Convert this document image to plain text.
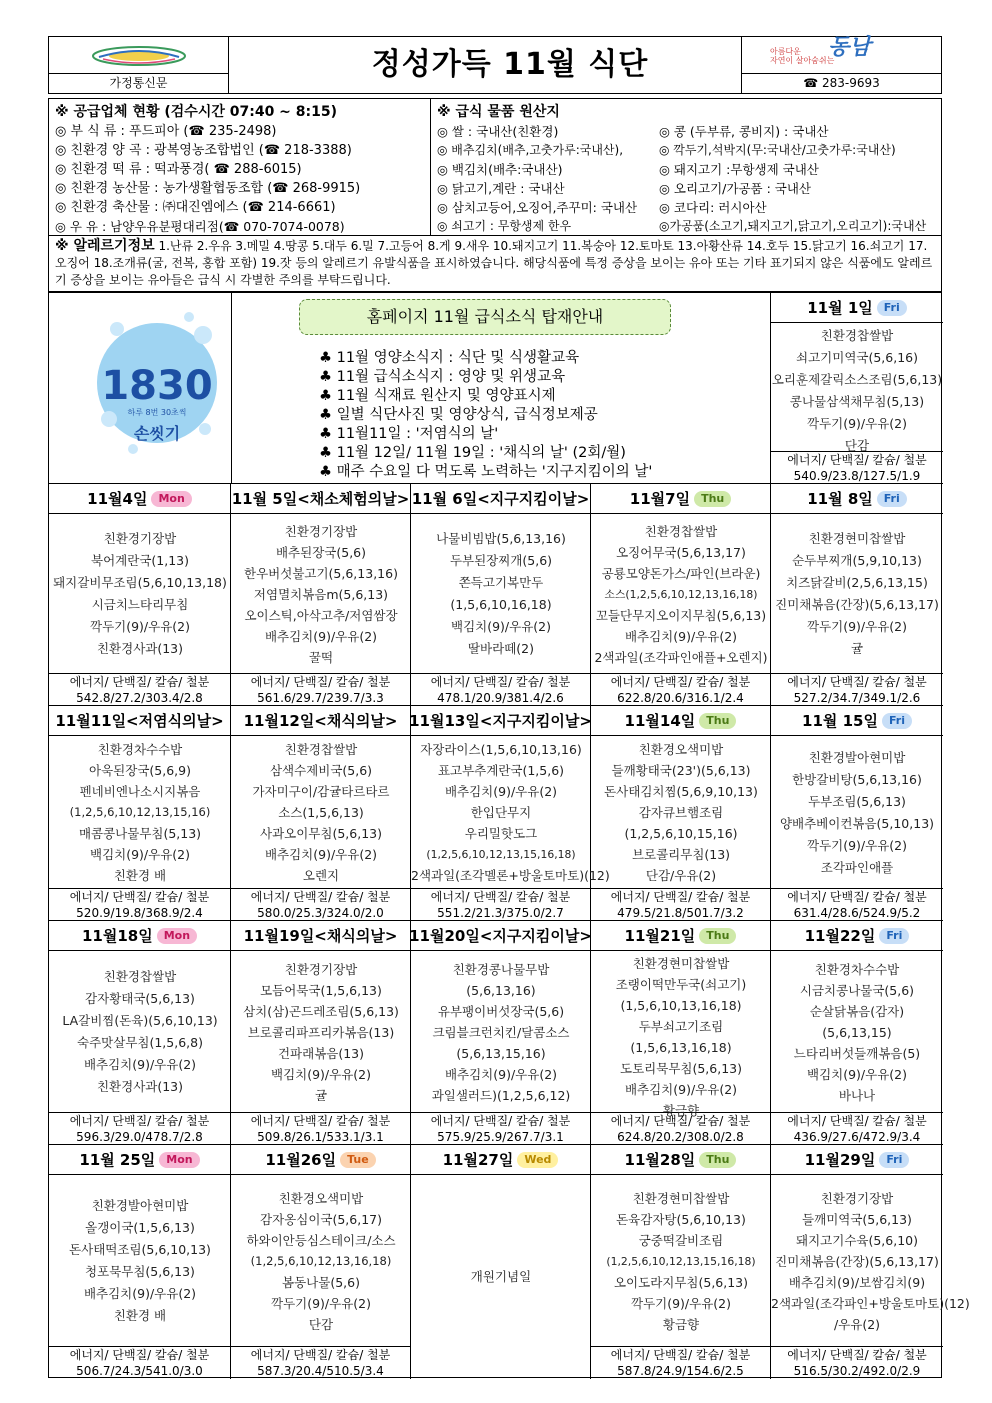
가정통신문
정성가득 11월 식단	아름다운
자연이 살아숨쉬는
동남
☎ 283-9693
※ 공급업체 현황 (검수시간 07:40 ~ 8:15)
◎ 부 식 류 : 푸드피아 (☎ 235-2498)
◎ 친환경 양 곡 : 광복영농조합법인 (☎ 218-3388)
◎ 친환경 떡 류 : 떡과풍경( ☎ 288-6015)
◎ 친환경 농산물 : 농가생활협동조합 (☎ 268-9915)
◎ 친환경 축산물 : ㈜대진엠에스 (☎ 214-6661)
◎ 우 유 : 남양우유분평대리점(☎ 070-7074-0078)
※ 급식 물품 원산지
◎ 쌀 : 국내산(친환경)	◎ 콩 (두부류, 콩비지) : 국내산
◎ 배추김치(배추,고춧가루:국내산),	◎ 깍두기,석박지(무:국내산/고춧가루:국내산)
◎ 백김치(배추:국내산)	◎ 돼지고기 :무항생제 국내산
◎ 닭고기,계란 : 국내산	◎ 오리고기/가공품 : 국내산
◎ 삼치고등어,오징어,주꾸미: 국내산	◎ 코다리: 러시아산
◎ 쇠고기 : 무항생제 한우	◎가공품(소고기,돼지고기,닭고기,오리고기):국내산
※ 알레르기정보 1.난류 2.우유 3.메밀 4.땅콩 5.대두 6.밀 7.고등어 8.게 9.새우 10.돼지고기 11.복숭아 12.토마토 13.아황산류 14.호두 15.닭고기 16.쇠고기 17.오징어 18.조개류(굴, 전복, 홍합 포함) 19.잣 등의 알레르기 유발식품을 표시하였습니다. 해당식품에 특정 증상을 보이는 유아 또는 기타 표기되지 않은 식품에도 알레르기 증상을 보이는 유아들은 급식 시 각별한 주의를 부탁드립니다.
1830
하루 8번 30초씩
손씻기
홈페이지 11월 급식소식 탑재안내
♣ 11월 영양소식지 : 식단 및 식생활교육
♣ 11월 급식소식지 : 영양 및 위생교육
♣ 11월 식재료 원산지 및 영양표시제
♣ 일별 식단사진 및 영양상식, 급식정보제공
♣ 11월11일 : '저염식의 날'
♣ 11월 12일/ 11월 19일 : '채식의 날' (2회/월)
♣ 매주 수요일 다 먹도록 노력하는 '지구지킴이의 날'
11월 1일	Fri
친환경찹쌀밥
쇠고기미역국(5,6,16)
오리훈제갈릭소스조림(5,6,13)
콩나물삼색채무침(5,13)
깍두기(9)/우유(2)
단감
에너지/ 단백질/ 칼슘/ 철분
540.9/23.8/127.5/1.9
11월4일	Mon
친환경기장밥
북어계란국(1,13)
돼지갈비무조림(5,6,10,13,18)
시금치느타리무침
깍두기(9)/우유(2)
친환경사과(13)
에너지/ 단백질/ 칼슘/ 철분
542.8/27.2/303.4/2.8
11월 5일<채소체험의날>
친환경기장밥
배추된장국(5,6)
한우버섯불고기(5,6,13,16)
저염멸치볶음m(5,6,13)
오이스틱,아삭고추/저염쌈장
배추김치(9)/우유(2)
꿀떡
에너지/ 단백질/ 칼슘/ 철분
561.6/29.7/239.7/3.3
11월 6일<지구지킴이날>
나물비빔밥(5,6,13,16)
두부된장찌개(5,6)
쫀득고기복만두
(1,5,6,10,16,18)
백김치(9)/우유(2)
딸바라떼(2)
에너지/ 단백질/ 칼슘/ 철분
478.1/20.9/381.4/2.6
11월7일	Thu
친환경찹쌀밥
오징어무국(5,6,13,17)
공룡모양돈가스/파인(브라운)
소스(1,2,5,6,10,12,13,16,18)
꼬들단무지오이지무침(5,6,13)
배추김치(9)/우유(2)
2색과일(조각파인애플+오렌지)
에너지/ 단백질/ 칼슘/ 철분
622.8/20.6/316.1/2.4
11월 8일	Fri
친환경현미찹쌀밥
순두부찌개(5,9,10,13)
치즈닭갈비(2,5,6,13,15)
진미채볶음(간장)(5,6,13,17)
깍두기(9)/우유(2)
귤
에너지/ 단백질/ 칼슘/ 철분
527.2/34.7/349.1/2.6
11월11일<저염식의날>
친환경차수수밥
아욱된장국(5,6,9)
펜네비엔나소시지볶음
(1,2,5,6,10,12,13,15,16)
매콤콩나물무침(5,13)
백김치(9)/우유(2)
친환경 배
에너지/ 단백질/ 칼슘/ 철분
520.9/19.8/368.9/2.4
11월12일<채식의날>
친환경찹쌀밥
삼색수제비국(5,6)
가자미구이/감귤타르타르
소스(1,5,6,13)
사과오이무침(5,6,13)
배추김치(9)/우유(2)
오렌지
에너지/ 단백질/ 칼슘/ 철분
580.0/25.3/324.0/2.0
11월13일<지구지킴이날>
자장라이스(1,5,6,10,13,16)
표고부추계란국(1,5,6)
배추김치(9)/우유(2)
한입단무지
우리밀핫도그
(1,2,5,6,10,12,13,15,16,18)
2색과일(조각멜론+방울토마토)(12)
에너지/ 단백질/ 칼슘/ 철분
551.2/21.3/375.0/2.7
11월14일	Thu
친환경오색미밥
들깨황태국(23')(5,6,13)
돈사태김치찜(5,6,9,10,13)
감자큐브햄조림
(1,2,5,6,10,15,16)
브로콜리무침(13)
단감/우유(2)
에너지/ 단백질/ 칼슘/ 철분
479.5/21.8/501.7/3.2
11월 15일	Fri
친환경발아현미밥
한방갈비탕(5,6,13,16)
두부조림(5,6,13)
양배추베이컨볶음(5,10,13)
깍두기(9)/우유(2)
조각파인애플
에너지/ 단백질/ 칼슘/ 철분
631.4/28.6/524.9/5.2
11월18일	Mon
친환경찹쌀밥
감자황태국(5,6,13)
LA갈비찜(돈육)(5,6,10,13)
숙주맛살무침(1,5,6,8)
배추김치(9)/우유(2)
친환경사과(13)
에너지/ 단백질/ 칼슘/ 철분
596.3/29.0/478.7/2.8
11월19일<채식의날>
친환경기장밥
모듬어묵국(1,5,6,13)
삼치(삼)곤드레조림(5,6,13)
브로콜리파프리카볶음(13)
건파래볶음(13)
백김치(9)/우유(2)
귤
에너지/ 단백질/ 칼슘/ 철분
509.8/26.1/533.1/3.1
11월20일<지구지킴이날>
친환경콩나물무밥
(5,6,13,16)
유부팽이버섯장국(5,6)
크림블크런치킨/달콤소스
(5,6,13,15,16)
배추김치(9)/우유(2)
과일샐러드)(1,2,5,6,12)
에너지/ 단백질/ 칼슘/ 철분
575.9/25.9/267.7/3.1
11월21일	Thu
친환경현미찹쌀밥
조랭이떡만두국(쇠고기)
(1,5,6,10,13,16,18)
두부쇠고기조림
(1,5,6,13,16,18)
도토리묵무침(5,6,13)
배추김치(9)/우유(2)
황금향
에너지/ 단백질/ 칼슘/ 철분
624.8/20.2/308.0/2.8
11월22일	Fri
친환경차수수밥
시금치콩나물국(5,6)
순살닭볶음(감자)
(5,6,13,15)
느타리버섯들깨볶음(5)
백김치(9)/우유(2)
바나나
에너지/ 단백질/ 칼슘/ 철분
436.9/27.6/472.9/3.4
11월 25일	Mon
친환경발아현미밥
올갱이국(1,5,6,13)
돈사태떡조림(5,6,10,13)
청포묵무침(5,6,13)
배추김치(9)/우유(2)
친환경 배
에너지/ 단백질/ 칼슘/ 철분
506.7/24.3/541.0/3.0
11월26일	Tue
친환경오색미밥
감자옹심이국(5,6,17)
하와이안등심스테이크/소스
(1,2,5,6,10,12,13,16,18)
봄동나물(5,6)
깍두기(9)/우유(2)
단감
에너지/ 단백질/ 칼슘/ 철분
587.3/20.4/510.5/3.4
11월27일	Wed
개원기념일
11월28일	Thu
친환경현미찹쌀밥
돈육감자탕(5,6,10,13)
궁중떡갈비조림
(1,2,5,6,10,12,13,15,16,18)
오이도라지무침(5,6,13)
깍두기(9)/우유(2)
황금향
에너지/ 단백질/ 칼슘/ 철분
587.8/24.9/154.6/2.5
11월29일	Fri
친환경기장밥
들깨미역국(5,6,13)
돼지고기수육(5,6,10)
진미채볶음(간장)(5,6,13,17)
배추김치(9)/보쌈김치(9)
2색과일(조각파인+방울토마토)(12)
/우유(2)
에너지/ 단백질/ 칼슘/ 철분
516.5/30.2/492.0/2.9
